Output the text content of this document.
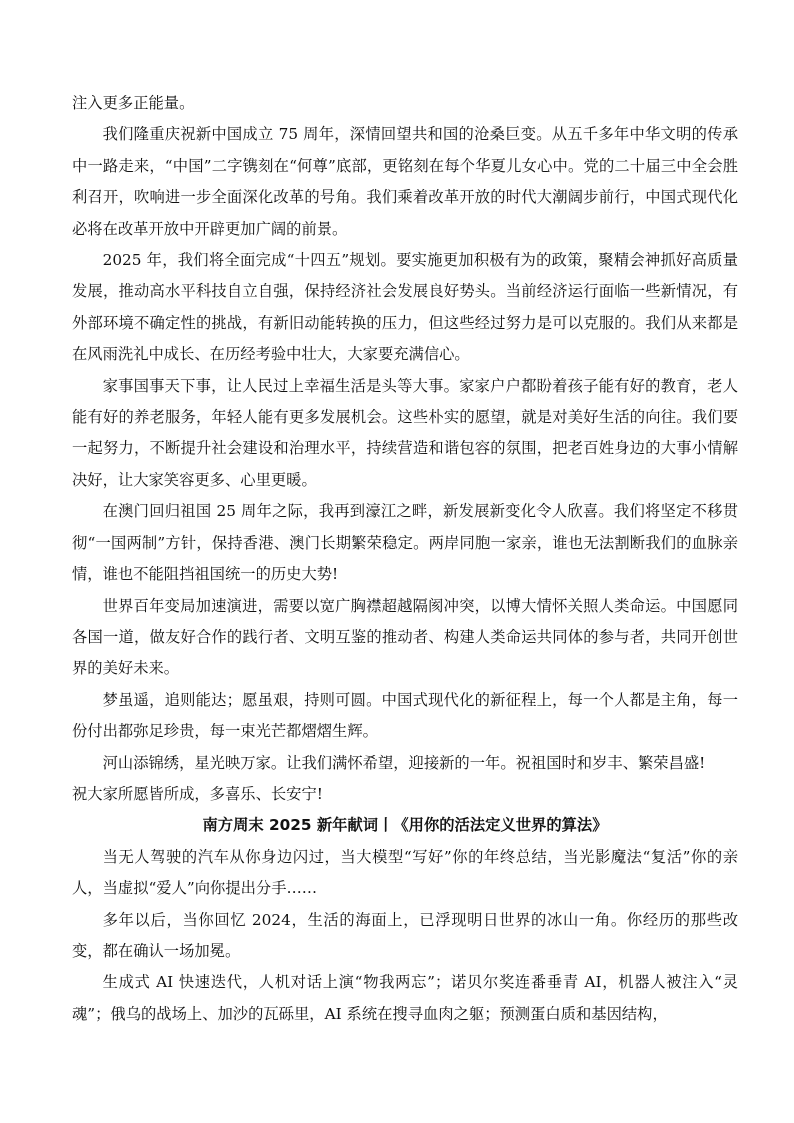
注入更多正能量。

我们隆重庆祝新中国成立 75 周年，深情回望共和国的沧桑巨变。从五千多年中华文明的传承中一路走来，“中国”二字镌刻在“何尊”底部，更铭刻在每个华夏儿女心中。党的二十届三中全会胜利召开，吹响进一步全面深化改革的号角。我们乘着改革开放的时代大潮阔步前行，中国式现代化必将在改革开放中开辟更加广阔的前景。

2025 年，我们将全面完成“十四五”规划。要实施更加积极有为的政策，聚精会神抓好高质量发展，推动高水平科技自立自强，保持经济社会发展良好势头。当前经济运行面临一些新情况，有外部环境不确定性的挑战，有新旧动能转换的压力，但这些经过努力是可以克服的。我们从来都是在风雨洗礼中成长、在历经考验中壮大，大家要充满信心。

家事国事天下事，让人民过上幸福生活是头等大事。家家户户都盼着孩子能有好的教育，老人能有好的养老服务，年轻人能有更多发展机会。这些朴实的愿望，就是对美好生活的向往。我们要一起努力，不断提升社会建设和治理水平，持续营造和谐包容的氛围，把老百姓身边的大事小情解决好，让大家笑容更多、心里更暖。

在澳门回归祖国 25 周年之际，我再到濠江之畔，新发展新变化令人欣喜。我们将坚定不移贯彻“一国两制”方针，保持香港、澳门长期繁荣稳定。两岸同胞一家亲，谁也无法割断我们的血脉亲情，谁也不能阻挡祖国统一的历史大势!

世界百年变局加速演进，需要以宽广胸襟超越隔阂冲突，以博大情怀关照人类命运。中国愿同各国一道，做友好合作的践行者、文明互鉴的推动者、构建人类命运共同体的参与者，共同开创世界的美好未来。

梦虽遥，追则能达；愿虽艰，持则可圆。中国式现代化的新征程上，每一个人都是主角，每一份付出都弥足珍贵，每一束光芒都熠熠生辉。

河山添锦绣，星光映万家。让我们满怀希望，迎接新的一年。祝祖国时和岁丰、繁荣昌盛!

祝大家所愿皆所成，多喜乐、长安宁!

南方周末 2025 新年献词丨《用你的活法定义世界的算法》

当无人驾驶的汽车从你身边闪过，当大模型“写好”你的年终总结，当光影魔法“复活”你的亲人，当虚拟“爱人”向你提出分手……

多年以后，当你回忆 2024，生活的海面上，已浮现明日世界的冰山一角。你经历的那些改变，都在确认一场加冕。

生成式 AI 快速迭代，人机对话上演“物我两忘”；诺贝尔奖连番垂青 AI，机器人被注入“灵魂”；俄乌的战场上、加沙的瓦砾里，AI 系统在搜寻血肉之躯；预测蛋白质和基因结构，
